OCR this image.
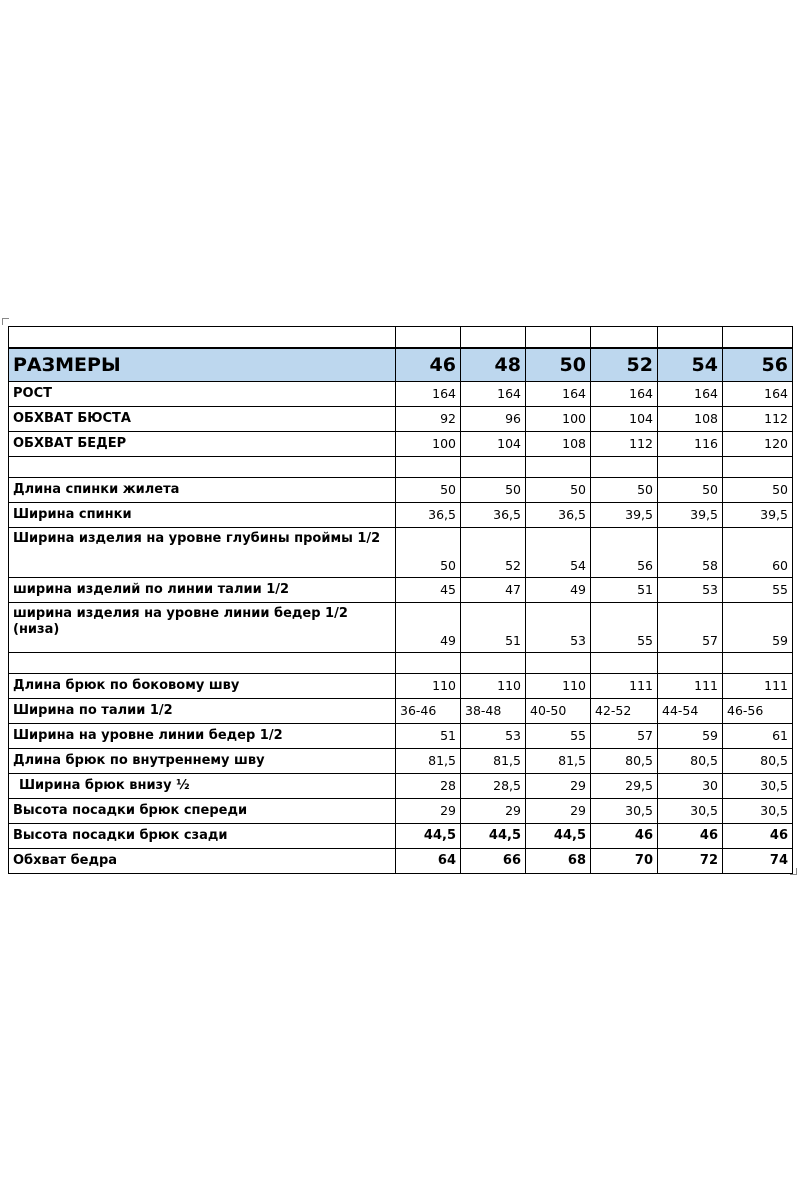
РАЗМЕРЫ	46	48	50	52	54	56
РОСТ	164	164	164	164	164	164
ОБХВАТ БЮСТА	92	96	100	104	108	112
ОБХВАТ БЕДЕР	100	104	108	112	116	120

Длина спинки жилета	50	50	50	50	50	50
Ширина спинки	36,5	36,5	36,5	39,5	39,5	39,5
Ширина изделия на уровне глубины проймы 1/2	50	52	54	56	58	60
ширина изделий по линии талии 1/2	45	47	49	51	53	55
ширина изделия на уровне линии бедер 1/2 (низа)	49	51	53	55	57	59

Длина брюк по боковому шву	110	110	110	111	111	111
Ширина по талии 1/2	36-46	38-48	40-50	42-52	44-54	46-56
Ширина на уровне линии бедер 1/2	51	53	55	57	59	61
Длина брюк по внутреннему шву	81,5	81,5	81,5	80,5	80,5	80,5
Ширина брюк внизу ½	28	28,5	29	29,5	30	30,5
Высота посадки брюк спереди	29	29	29	30,5	30,5	30,5
Высота посадки брюк сзади	44,5	44,5	44,5	46	46	46
Обхват бедра	64	66	68	70	72	74
